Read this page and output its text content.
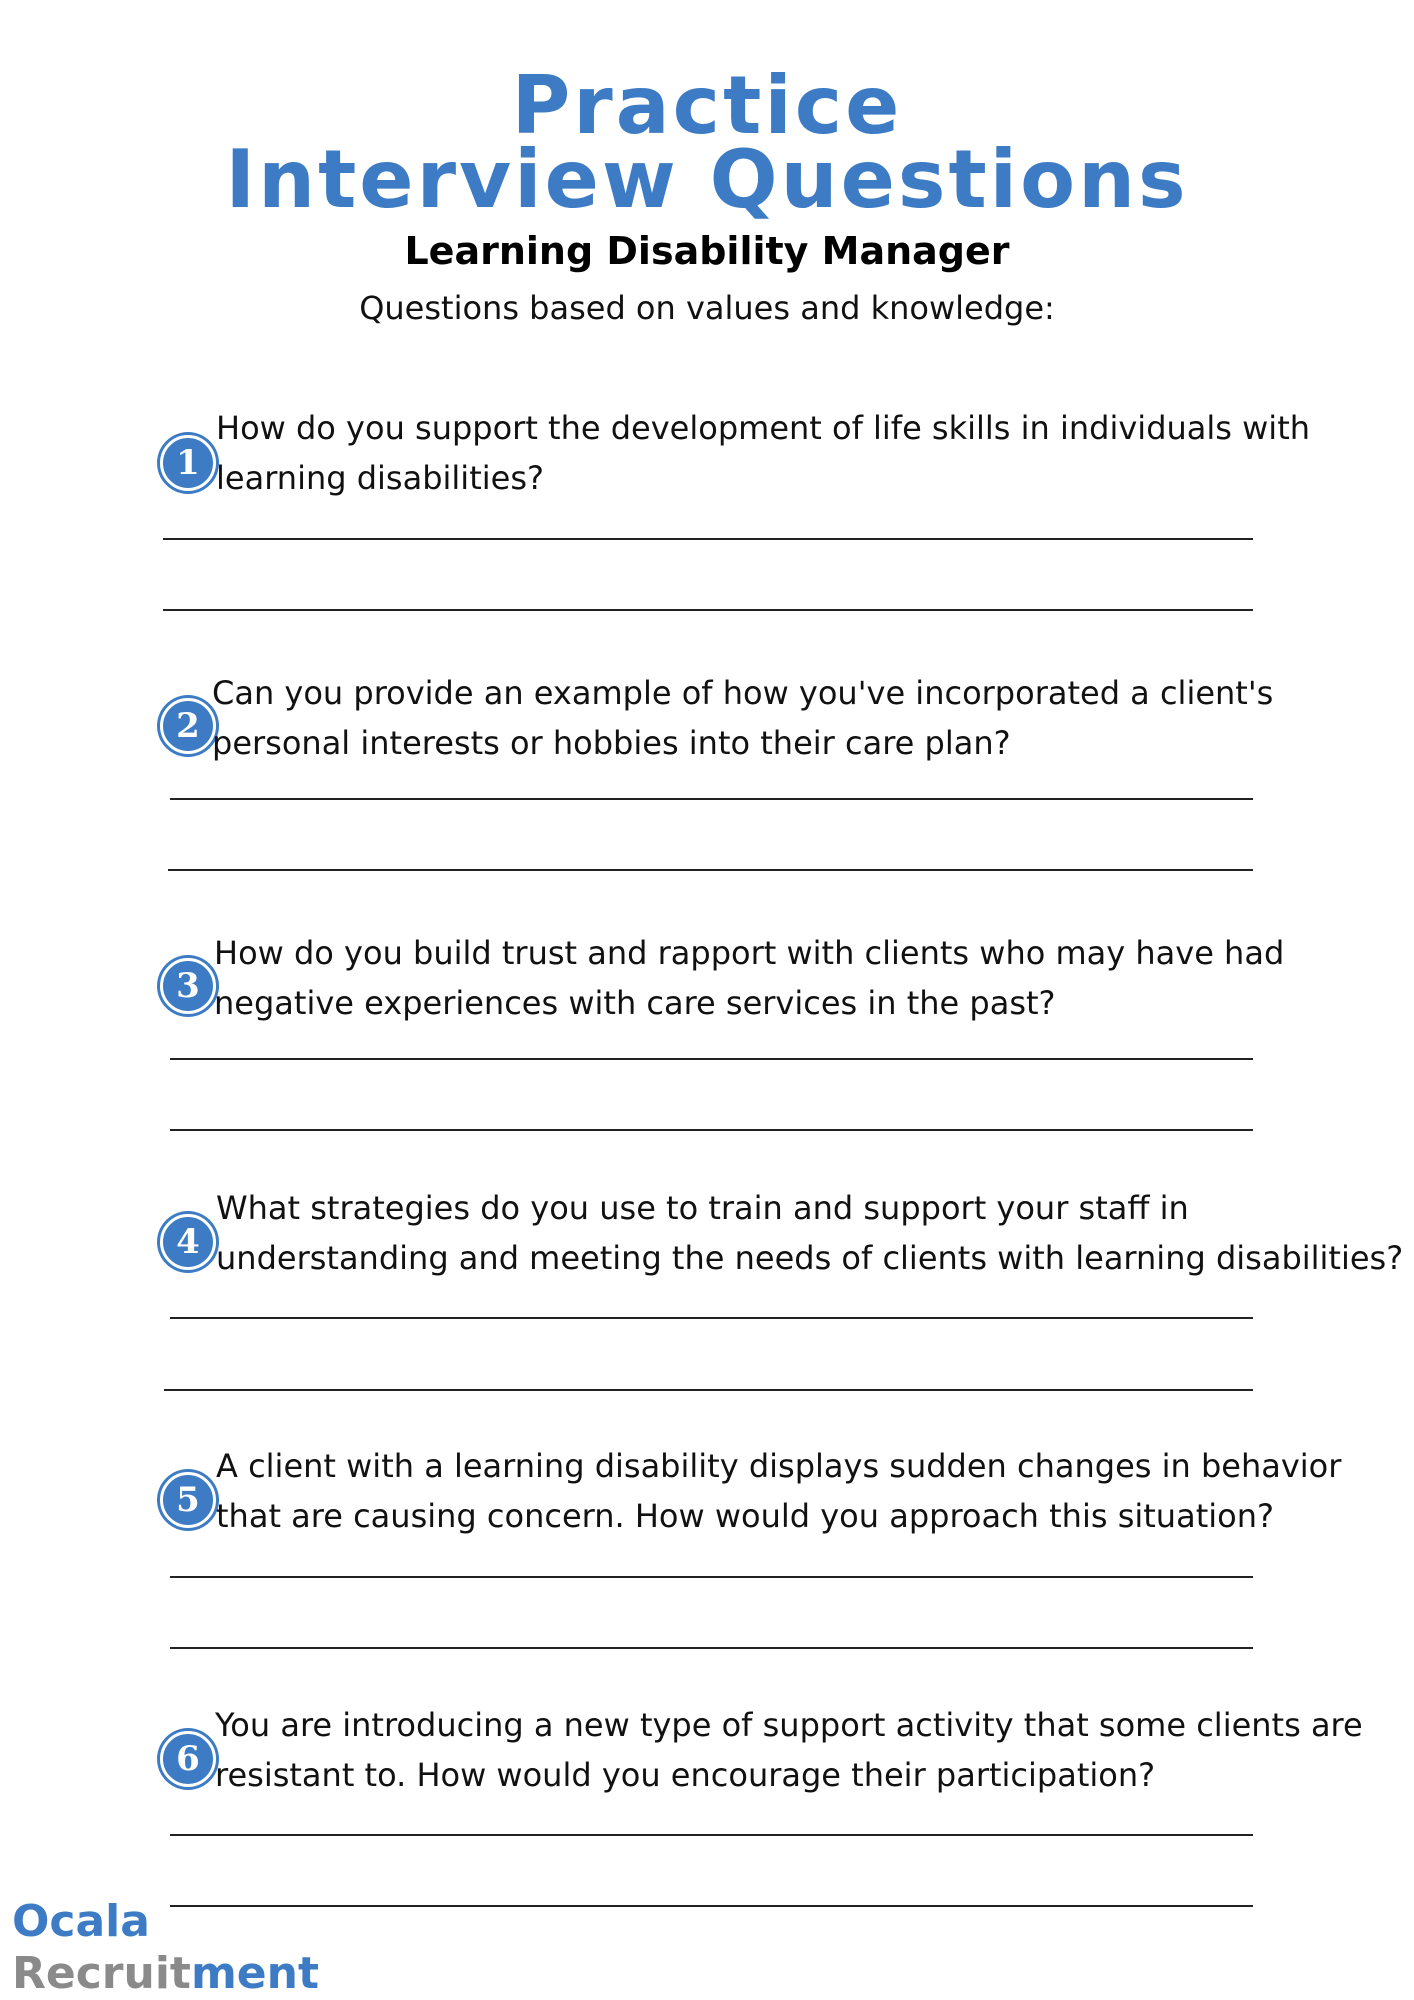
Practice
Interview Questions
Learning Disability Manager
Questions based on values and knowledge:
1
How do you support the development of life skills in individuals with
learning disabilities?
2
Can you provide an example of how you've incorporated a client's
personal interests or hobbies into their care plan?
3
How do you build trust and rapport with clients who may have had
negative experiences with care services in the past?
4
What strategies do you use to train and support your staff in
understanding and meeting the needs of clients with learning disabilities?
5
A client with a learning disability displays sudden changes in behavior
that are causing concern. How would you approach this situation?
6
You are introducing a new type of support activity that some clients are
resistant to. How would you encourage their participation?
Ocala
Recruitment
